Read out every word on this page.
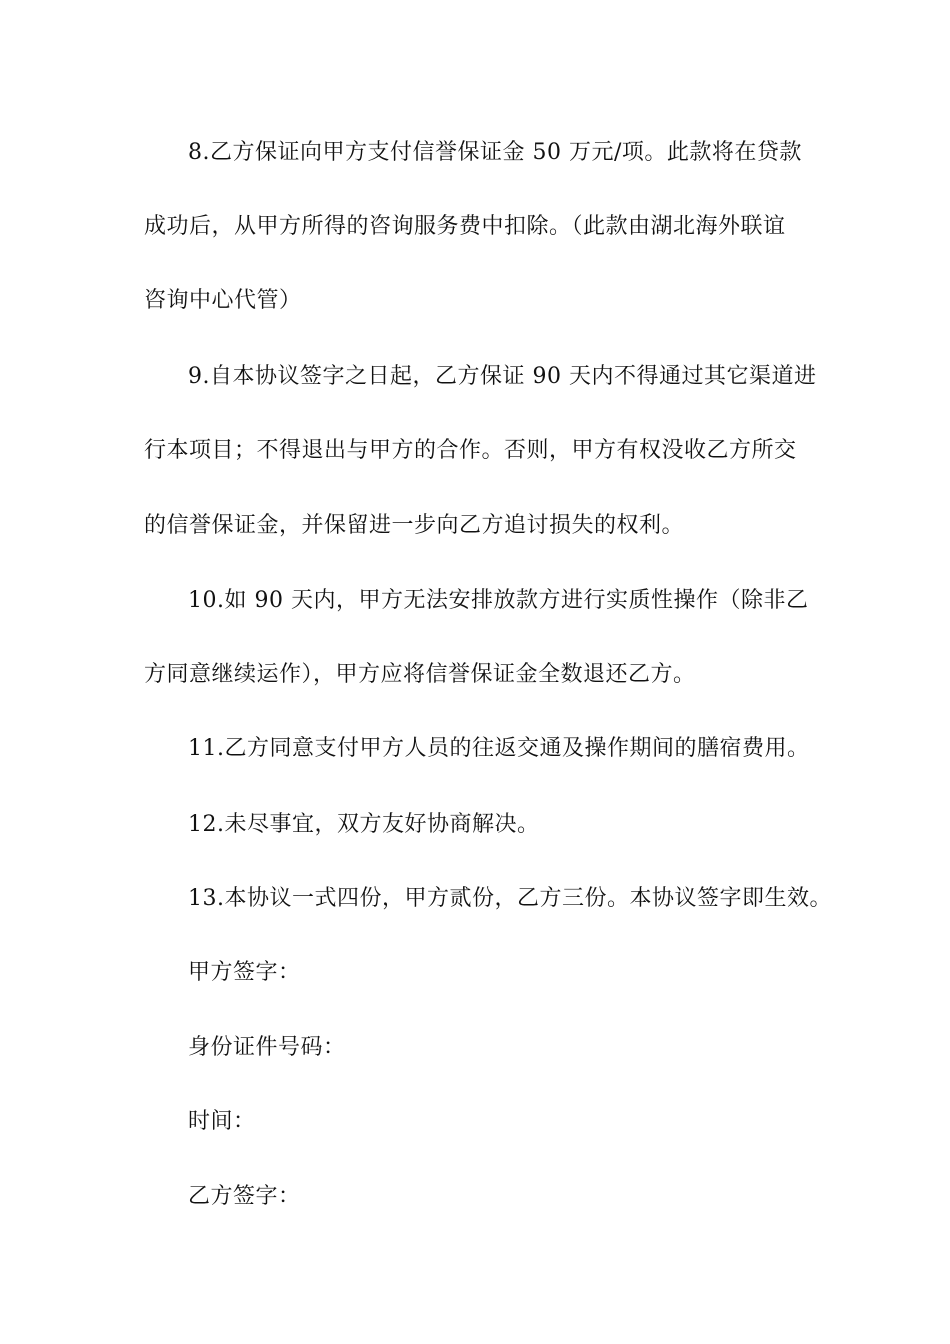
8.乙方保证向甲方支付信誉保证金 50 万元/项。此款将在贷款
成功后，从甲方所得的咨询服务费中扣除。（此款由湖北海外联谊
咨询中心代管）
9.自本协议签字之日起，乙方保证 90 天内不得通过其它渠道进
行本项目；不得退出与甲方的合作。否则，甲方有权没收乙方所交
的信誉保证金，并保留进一步向乙方追讨损失的权利。
10.如 90 天内，甲方无法安排放款方进行实质性操作（除非乙
方同意继续运作），甲方应将信誉保证金全数退还乙方。
11.乙方同意支付甲方人员的往返交通及操作期间的膳宿费用。
12.未尽事宜，双方友好协商解决。
13.本协议一式四份，甲方贰份，乙方三份。本协议签字即生效。
甲方签字：
身份证件号码：
时间：
乙方签字：
